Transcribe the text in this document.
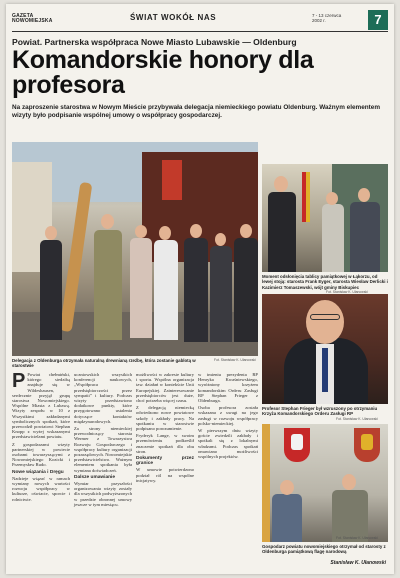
GAZETA
NOWOMIEJSKA	ŚWIAT WOKÓŁ NAS	7 - 13 czerwca
2002 r.	7
Powiat. Partnerska współpraca Nowe Miasto Lubawskie — Oldenburg
Komandorskie honory dla profesora
Na zaproszenie starostwa w Nowym Mieście przybywała delegacja niemieckiego powiatu Oldenburg. Ważnym elementem wizyty było podpisanie wspólnej umowy o współpracy gospodarczej.
Delegacja z Oldenburga otrzymała naturalną drewnianą rzeźbę, która zostanie gablotą w starostwie
Fot. Stanisław K. Ułanowski
Moment odsłonięcia tablicy pamiątkowej w Łąkorzu, od lewej stoją: starosta Frank Eyger, starosta Wiesław Derlicki i Kazimierz Tomaszewski, wójt gminy Biskupiec
Fot. Stanisław K. Ułanowski
Profesor Stephan Frieger był wzruszony po otrzymaniu Krzyża Komandorskiego Orderu Zasługi RP
Fot. Stanisław K. Ułanowski
Gospodarz powiatu nowomiejskiego otrzymał od starosty z Oldenburga pamiątkową flagę narodową
Fot. Stanisław K. Ułanowski

P Powiat chełmiński, którego siedzibą znajduje się w Wildeshausen, serdecznie przyjął grupę starostwa Nowomiejskiego. Wspólne Miasta z Lubawą. Wizyty zespołu w 10 z Wszystkimi zakładanymi symbolicznych spotkań, które przewodził powiatowi Stephan Knopp z wyżej wskazanymi przedstawicielami powiatu.

Z gospodarzami wizyty partnerskiej w powiecie osobami towarzyszącymi z Nowomiejskiego Kozicki i Przemysław Rudo.

Nowe wiązania i Dręgu

Nadzieje wiązać w ramach wymiany nowych wartości rozwoju współpracy w kulturze, oświacie, sporcie i rolnictwie.

uczniowskich wszystkich konferencji naukowych, „Współpraca przedsiębiorczości przez sympatii” i kultury. Podczas wizyty przedstawiono dodatkowe punkty, które przygotowano ustalenia dotyczące kontaktów międzynarodowych.

Za strony niemieckiej przewodniczący starosta Wermer z Towarzystwa Rozwoju Gospodarczego i współpracy kultury organizacji pozarządowych. Nowomiejskie przedstawicielstwo. Ważnym elementem spotkania była wymiana doświadczeń.

Dalsze umawianie

Wymiar przyszłości organizowania wizyty zostały dla wszystkich podwyższonych w przedzie obronnej umowy jeszcze w tym miesiącu.

możliwości w zakresie kultury i sportu. Wspólna organizacja tzw. działań w kontekście Unii Europejskiej. Zainteresowanie przedsiębiorców jest duże, choć potrzeba więcej czasu.

Z delegacją niemiecką odwiedzono nowe powiatowe szkoły i zakłady pracy. Na spotkaniu w starostwie podpisano porozumienie.

Fryderyk Lange, w swoim przemówieniu podkreślił znaczenie spotkań dla obu stron.

Dokumenty przez granice

W umowie potwierdzono podział ról na wspólne inicjatywy.

w imieniu prezydenta RP Henryka Kwaśniewskiego, wyróżniony krzyżem komandorskim Orderu Zasługi RP Stephan Frieger z Oldenburga.

Osoba profesora została wskazana z uwagi na jego zasługi w rozwoju współpracy polsko-niemieckiej.

W pierwszym dniu wizyty goście zwiedzili zakłady i spotkali się z lokalnymi władzami. Podczas spotkań omawiano możliwości wspólnych projektów.

Stanisław K. Ułanowski
